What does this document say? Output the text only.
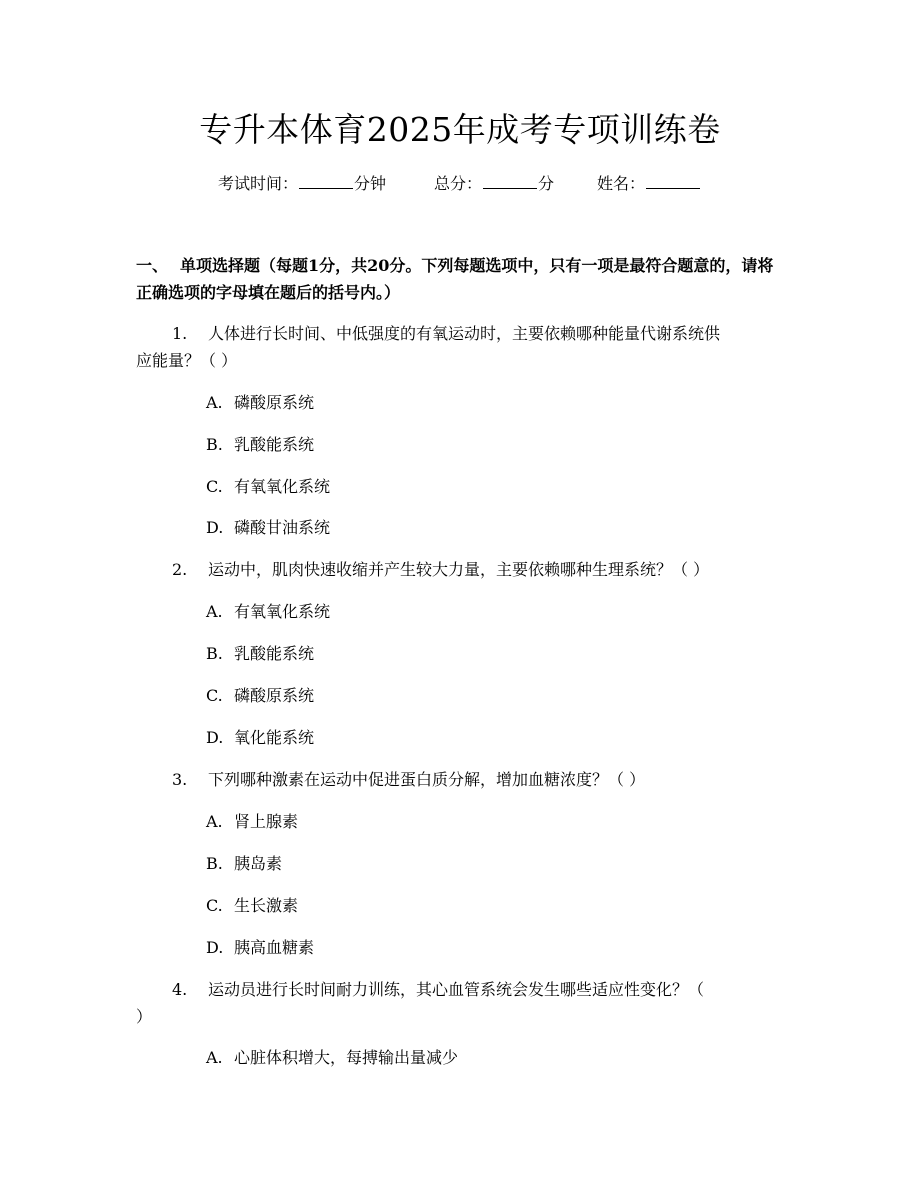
专升本体育2025年成考专项训练卷
考试时间：	分钟	总分：	分	姓名：
一、 单项选择题（每题1分，共20分。下列每题选项中，只有一项是最符合题意的，请将正确选项的字母填在题后的括号内。）
1. 人体进行长时间、中低强度的有氧运动时，主要依赖哪种能量代谢系统供
应能量？（ ）
A. 磷酸原系统
B. 乳酸能系统
C. 有氧氧化系统
D. 磷酸甘油系统
2. 运动中，肌肉快速收缩并产生较大力量，主要依赖哪种生理系统？（ ）
A. 有氧氧化系统
B. 乳酸能系统
C. 磷酸原系统
D. 氧化能系统
3. 下列哪种激素在运动中促进蛋白质分解，增加血糖浓度？（ ）
A. 肾上腺素
B. 胰岛素
C. 生长激素
D. 胰高血糖素
4. 运动员进行长时间耐力训练，其心血管系统会发生哪些适应性变化？（
）
A. 心脏体积增大，每搏输出量减少
